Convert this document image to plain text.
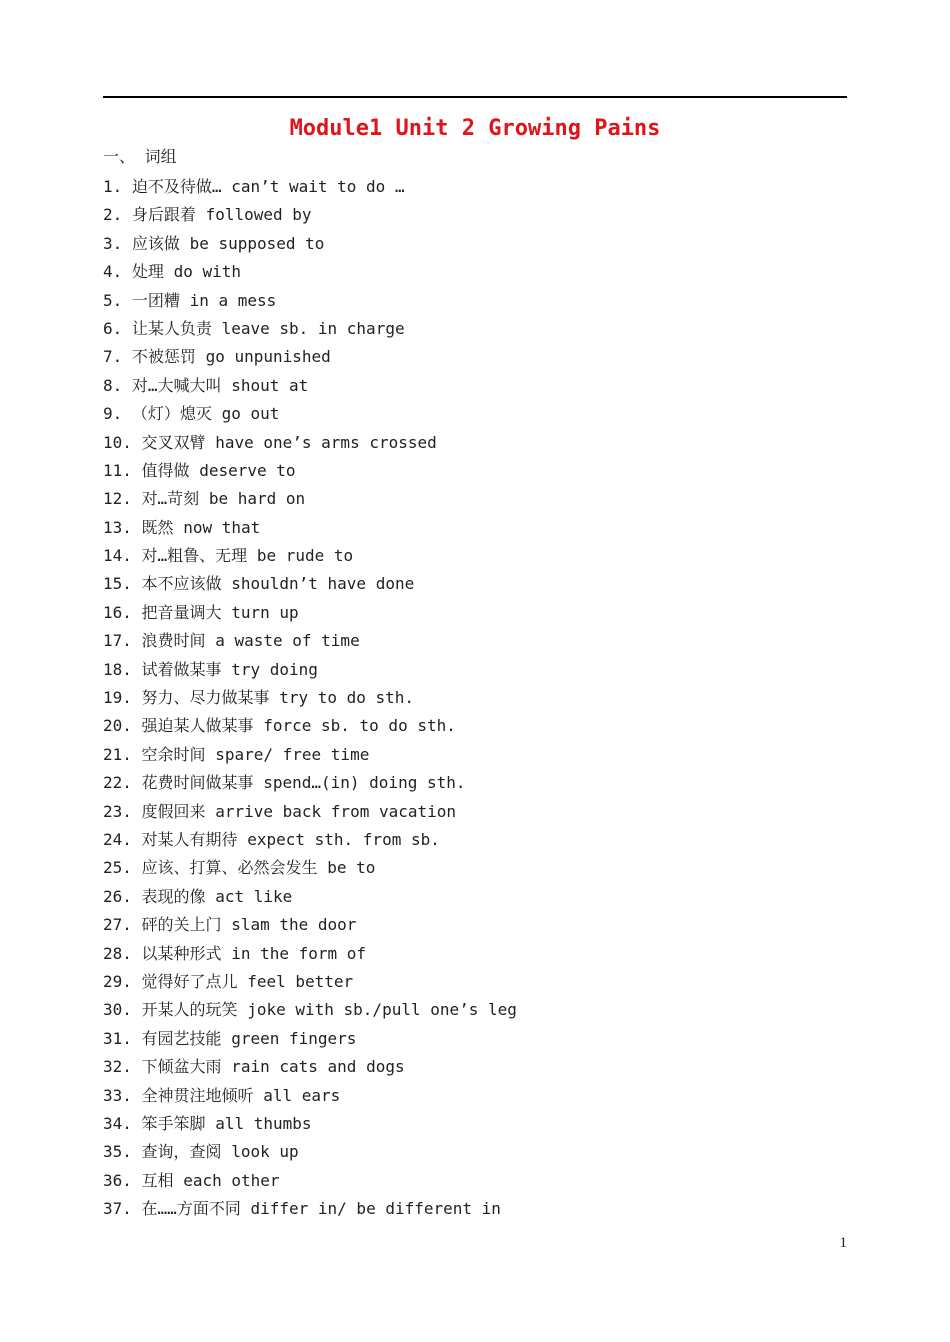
Module1 Unit 2 Growing Pains
一、 词组
1. 迫不及待做… can’t wait to do …
2. 身后跟着 followed by
3. 应该做 be supposed to
4. 处理 do with
5. 一团糟 in a mess
6. 让某人负责 leave sb. in charge
7. 不被惩罚 go unpunished
8. 对…大喊大叫 shout at
9. （灯）熄灭 go out
10. 交叉双臂 have one’s arms crossed
11. 值得做 deserve to
12. 对…苛刻 be hard on
13. 既然 now that
14. 对…粗鲁、无理 be rude to
15. 本不应该做 shouldn’t have done
16. 把音量调大 turn up
17. 浪费时间 a waste of time
18. 试着做某事 try doing
19. 努力、尽力做某事 try to do sth.
20. 强迫某人做某事 force sb. to do sth.
21. 空余时间 spare/ free time
22. 花费时间做某事 spend…(in) doing sth.
23. 度假回来 arrive back from vacation
24. 对某人有期待 expect sth. from sb.
25. 应该、打算、必然会发生 be to
26. 表现的像 act like
27. 砰的关上门 slam the door
28. 以某种形式 in the form of
29. 觉得好了点儿 feel better
30. 开某人的玩笑 joke with sb./pull one’s leg
31. 有园艺技能 green fingers
32. 下倾盆大雨 rain cats and dogs
33. 全神贯注地倾听 all ears
34. 笨手笨脚 all thumbs
35. 查询，查阅 look up
36. 互相 each other
37. 在……方面不同 differ in/ be different in
1
